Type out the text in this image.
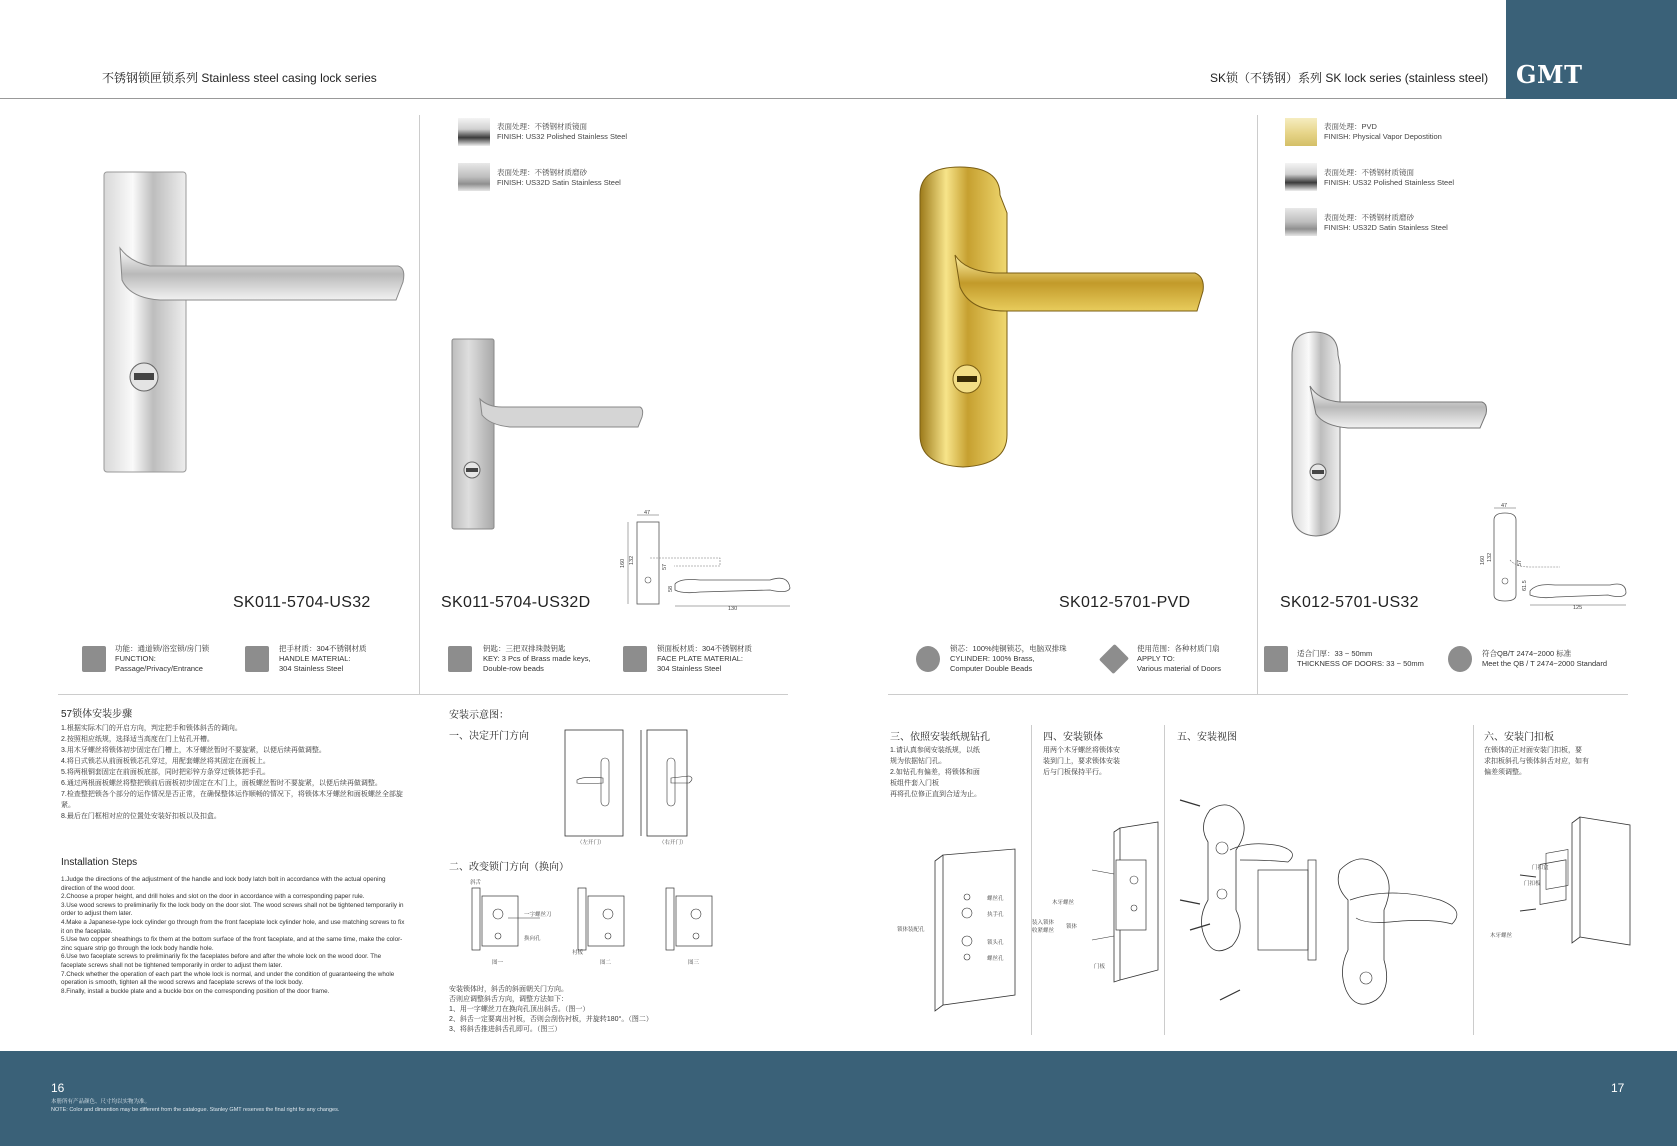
不锈钢锁匣锁系列 Stainless steel casing lock series	SK锁（不锈钢）系列 SK lock series (stainless steel) GMT
SK011-5704-US32
表面处理：不锈钢材质镜面
FINISH: US32 Polished Stainless Steel
表面处理：不锈钢材质磨砂
FINISH: US32D Satin Stainless Steel
SK011-5704-US32D
47
160 132
57
58
130	SK012-5701-PVD
表面处理：PVD
FINISH: Physical Vapor Depostition
表面处理：不锈钢材质镜面
FINISH: US32 Polished Stainless Steel
表面处理：不锈钢材质磨砂
FINISH: US32D Satin Stainless Steel
SK012-5701-US32
47
160 132
57
61.5
125
功能：通道锁/浴室锁/房门锁
FUNCTION:
Passage/Privacy/Entrance
把手材质：304不锈钢材质
HANDLE MATERIAL:
304 Stainless Steel
钥匙：三把双排珠鼓钥匙
KEY: 3 Pcs of Brass made keys,
Double-row beads
锁面板材质：304不锈钢材质
FACE PLATE MATERIAL:
304 Stainless Steel
锁芯：100%纯铜锁芯，电脑双排珠
CYLINDER: 100% Brass,
Computer Double Beads
使用范围：各种材质门扇
APPLY TO:
Various material of Doors
适合门厚：33 ~ 50mm
THICKNESS OF DOORS: 33 ~ 50mm
符合QB/T 2474~2000 标准
Meet the QB / T 2474~2000 Standard
57锁体安装步骤
1.根据实际木门的开启方向，判定把手和锁体斜舌的调向。
2.按照相应纸规，选择适当高度在门上钻孔开槽。
3.用木牙螺丝将锁体初步固定在门槽上，木牙螺丝暂时不要旋紧，以便后续再做调整。
4.将日式锁芯从前面板锁芯孔穿过，用配套螺丝将其固定在面板上。
5.将两根铜套固定在前面板底部，同时把彩锌方条穿过锁体把手孔。
6.通过两根面板螺丝将整把锁前后面板初步固定在木门上，面板螺丝暂时不要旋紧，以便后续再做调整。
7.检查整把锁各个部分的运作情况是否正常，在确保整体运作顺畅的情况下，将锁体木牙螺丝和面板螺丝全部旋紧。
8.最后在门框相对应的位置处安装好扣板以及扣盒。
Installation Steps
1.Judge the directions of the adjustment of the handle and lock body latch bolt in accordance with the actual opening direction of the wood door.
2.Choose a proper height, and drill holes and slot on the door in accordance with a corresponding paper rule.
3.Use wood screws to preliminarily fix the lock body on the door slot. The wood screws shall not be tightened temporarily in order to adjust them later.
4.Make a Japanese-type lock cylinder go through from the front faceplate lock cylinder hole, and use matching screws to fix it on the faceplate.
5.Use two copper sheathings to fix them at the bottom surface of the front faceplate, and at the same time, make the color-zinc square strip go through the lock body handle hole.
6.Use two faceplate screws to preliminarily fix the faceplates before and after the whole lock on the wood door. The faceplate screws shall not be tightened temporarily in order to adjust them later.
7.Check whether the operation of each part the whole lock is normal, and under the condition of guaranteeing the whole operation is smooth, tighten all the wood screws and faceplate screws of the lock body.
8.Finally, install a buckle plate and a buckle box on the corresponding position of the door frame.
安装示意图：
一、决定开门方向
（左开门）	（右开门）
二、改变锁门方向（换向）
斜舌
一字螺丝刀
换向孔
图一
衬板
图二	图三
安装锁体时，斜舌的斜面朝关门方向。
否则应调整斜舌方向，调整方法如下：
1、用一字螺丝刀在换向孔顶出斜舌。（图一）
2、斜舌一定要离出衬板，否则会刮伤衬板，并旋转180°。（图二）
3、将斜舌推进斜舌孔即可。（图三）
三、依照安装纸规钻孔
1.请认真参阅安装纸规，以纸
规为依据钻门孔。
2.如钻孔有偏差，将锁体和面
板组件套入门板
再将孔位修正直到合适为止。
螺丝孔
执手孔
锁头孔
螺丝孔
锁体装配孔
四、安装锁体
用两个木牙螺丝将锁体安
装到门上，要求锁体安装
后与门板保持平行。
木牙螺丝
装入锁体
收紧螺丝
锁体
门板
五、安装视图	六、安装门扣板
在锁体的正对面安装门扣板，要
求扣板斜孔与锁体斜舌对应，如有
偏差须调整。
门扣盒
门扣板
木牙螺丝
16	17
本册所有产品颜色、尺寸均以实物为准。
NOTE: Color and dimention may be different from the catalogue. Stanley GMT reserves the final right for any changes.
